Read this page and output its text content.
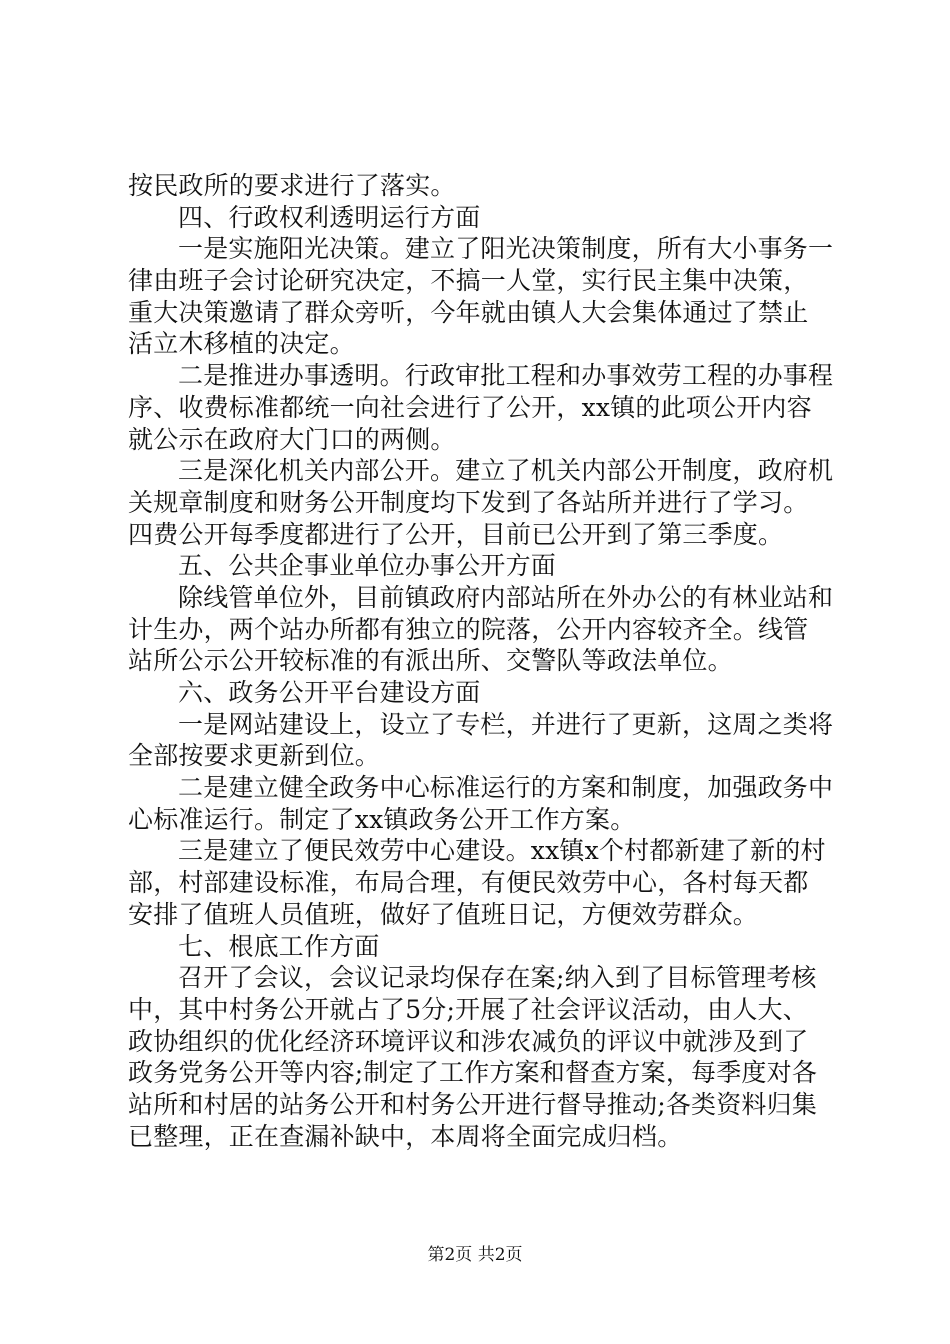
按民政所的要求进行了落实。
四、行政权利透明运行方面
一是实施阳光决策。建立了阳光决策制度，所有大小事务一
律由班子会讨论研究决定，不搞一人堂，实行民主集中决策，
重大决策邀请了群众旁听，今年就由镇人大会集体通过了禁止
活立木移植的决定。
二是推进办事透明。行政审批工程和办事效劳工程的办事程
序、收费标准都统一向社会进行了公开，xx镇的此项公开内容
就公示在政府大门口的两侧。
三是深化机关内部公开。建立了机关内部公开制度，政府机
关规章制度和财务公开制度均下发到了各站所并进行了学习。
四费公开每季度都进行了公开，目前已公开到了第三季度。
五、公共企事业单位办事公开方面
除线管单位外，目前镇政府内部站所在外办公的有林业站和
计生办，两个站办所都有独立的院落，公开内容较齐全。线管
站所公示公开较标准的有派出所、交警队等政法单位。
六、政务公开平台建设方面
一是网站建设上，设立了专栏，并进行了更新，这周之类将
全部按要求更新到位。
二是建立健全政务中心标准运行的方案和制度，加强政务中
心标准运行。制定了xx镇政务公开工作方案。
三是建立了便民效劳中心建设。xx镇x个村都新建了新的村
部，村部建设标准，布局合理，有便民效劳中心，各村每天都
安排了值班人员值班，做好了值班日记，方便效劳群众。
七、根底工作方面
召开了会议，会议记录均保存在案;纳入到了目标管理考核
中，其中村务公开就占了5分;开展了社会评议活动，由人大、
政协组织的优化经济环境评议和涉农减负的评议中就涉及到了
政务党务公开等内容;制定了工作方案和督查方案，每季度对各
站所和村居的站务公开和村务公开进行督导推动;各类资料归集
已整理，正在查漏补缺中，本周将全面完成归档。
第2页 共2页
